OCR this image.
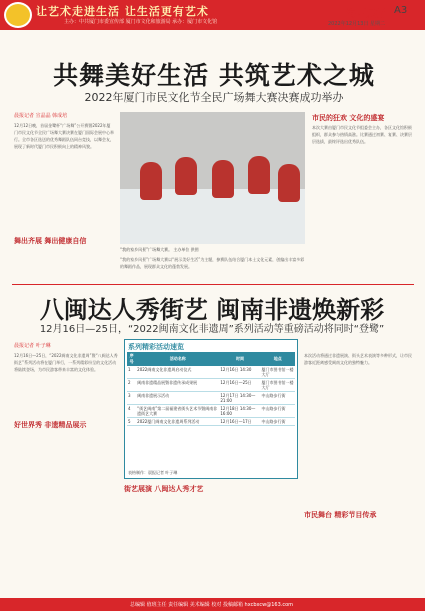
让艺术走进生活 让生活更有艺术
主办：中共厦门市委宣传部 厦门市文化和旅游局 承办：厦门市文化馆
海西晨报 A3
2022年12月13日 星期二
共舞美好生活 共筑艺术之城
2022年厦门市民文化节全民广场舞大赛决赛成功举办
晨报记者 宣晶晶 韩成培
12月12日晚，首届金鹭杯“广场舞”公开赛暨2022年厦门市民文化节全民广场舞大赛决赛在厦门国际会展中心举行。全市各区选送的优秀舞蹈队伍同台竞技，以舞会友，展现了新时代厦门市民积极向上的精神风貌。
舞出齐展 舞出健康自信
“我的家乡风景”广场舞大赛。 主办单位 供图
“我的家乡风景”广场舞大赛以“展示美好生活”为主题，参赛队伍结合厦门本土文化元素，创编出丰富多彩的舞蹈作品，展现群众文化的蓬勃发展。
市民的狂欢 文化的盛宴
本次大赛由厦门市民文化节组委会主办，各区文化馆积极组织，群众参与热情高涨。比赛通过初赛、复赛、决赛层层选拔，最终评选出优秀队伍。
八闽达人秀街艺 闽南非遗焕新彩
12月16日—25日，“2022闽南文化非遗周”系列活动等重磅活动将同时“登鹭”
晨报记者 叶子琳
12月16日—25日，“2022闽南文化非遗周”暨“八闽达人秀街艺”系列活动将在厦门举行，一系列精彩纷呈的文化活动将陆续登场，为市民游客带来丰富的文化体验。
好世界秀 非遗精品展示
街艺展演 八闽达人秀才艺
市民舞台 精彩节目传承
本次活动将通过非遗展演、街头艺术表演等多种形式，让市民游客近距离感受闽南文化的独特魅力。
系列精彩活动速览
序号	活动名称	时间	地点
1	2022闽南文化非遗周启动仪式	12月16日 14:30	厦门市图书馆一楼大厅
2	闽南非遗精品展暨非遗传承成果展	12月16日—25日	厦门市图书馆一楼大厅
3	闽南非遗展示活动	12月17日 14:30—21:00	中山路步行街
4	“街艺闽南”第二届福建省街头艺术节暨闽南非遗街艺大赛	12月18日 14:30—16:00	中山路步行街
5	2022厦门闽南文化非遗周系列活动	12月16日—17日	中山路步行街
表格制作：晨报记者 叶子琳
总编辑 值班主任 责任编辑 美术编辑 校对 投稿邮箱 hxcbxcw@163.com
